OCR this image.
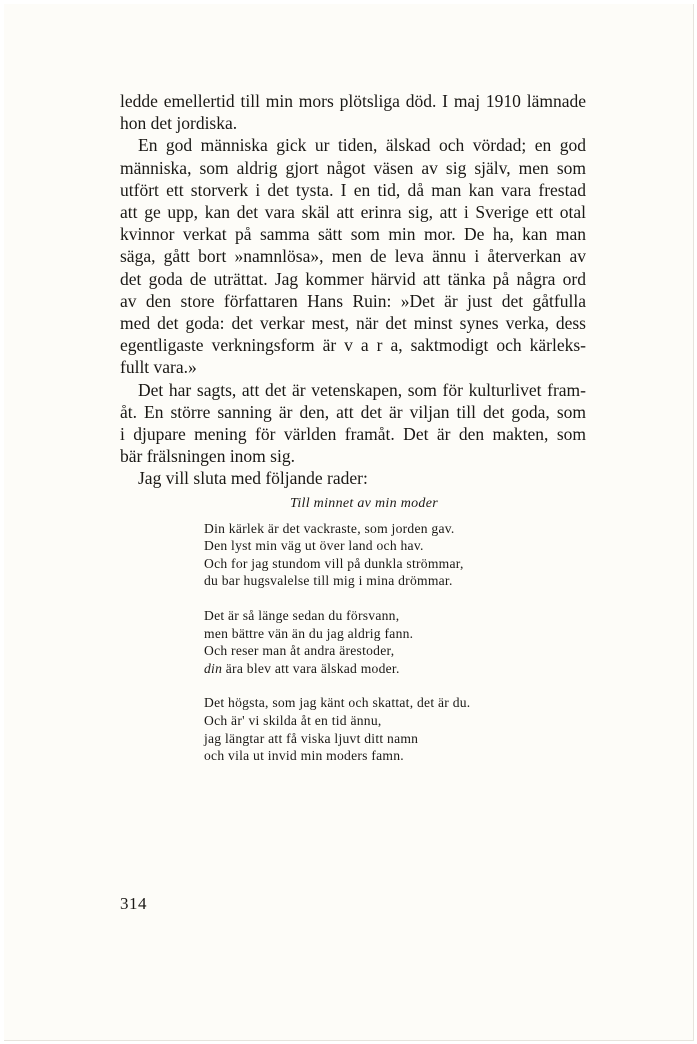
ledde emellertid till min mors plötsliga död. I maj 1910 lämnade
hon det jordiska.

En god människa gick ur tiden, älskad och vördad; en god
människa, som aldrig gjort något väsen av sig själv, men som
utfört ett storverk i det tysta. I en tid, då man kan vara frestad
att ge upp, kan det vara skäl att erinra sig, att i Sverige ett otal
kvinnor verkat på samma sätt som min mor. De ha, kan man
säga, gått bort »namnlösa», men de leva ännu i återverkan av
det goda de uträttat. Jag kommer härvid att tänka på några ord
av den store författaren Hans Ruin: »Det är just det gåtfulla
med det goda: det verkar mest, när det minst synes verka, dess
egentligaste verkningsform är v a r a, saktmodigt och kärleks-
fullt vara.»

Det har sagts, att det är vetenskapen, som för kulturlivet fram-
åt. En större sanning är den, att det är viljan till det goda, som
i djupare mening för världen framåt. Det är den makten, som
bär frälsningen inom sig.

Jag vill sluta med följande rader:

Till minnet av min moder
Din kärlek är det vackraste, som jorden gav.
Den lyst min väg ut över land och hav.
Och for jag stundom vill på dunkla strömmar,
du bar hugsvalelse till mig i mina drömmar.
Det är så länge sedan du försvann,
men bättre vän än du jag aldrig fann.
Och reser man åt andra ärestoder,
din ära blev att vara älskad moder.
Det högsta, som jag känt och skattat, det är du.
Och är' vi skilda åt en tid ännu,
jag längtar att få viska ljuvt ditt namn
och vila ut invid min moders famn.
314
